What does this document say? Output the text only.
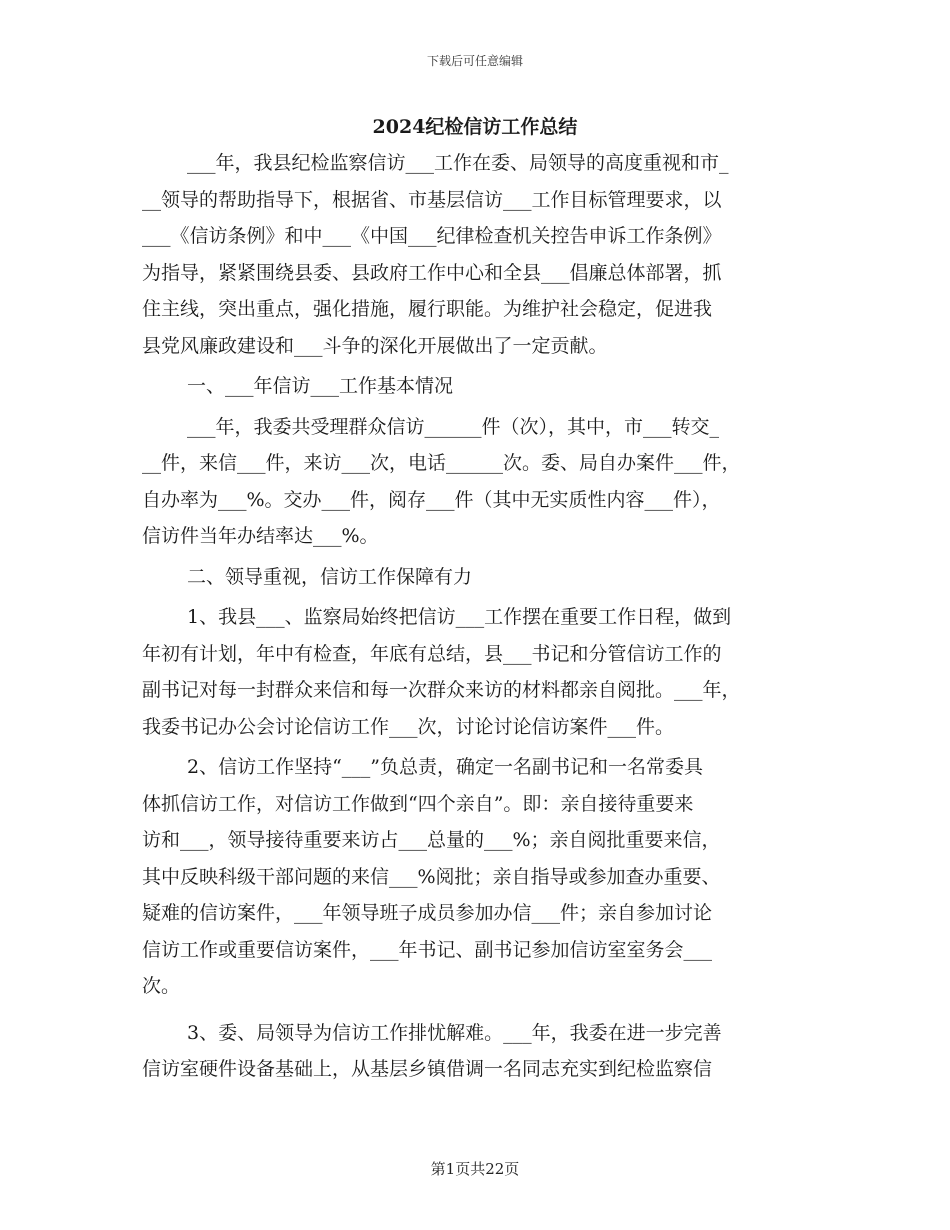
下载后可任意编辑
2024纪检信访工作总结
___年，我县纪检监察信访___工作在委、局领导的高度重视和市_
__领导的帮助指导下，根据省、市基层信访___工作目标管理要求，以
___《信访条例》和中___《中国___纪律检查机关控告申诉工作条例》
为指导，紧紧围绕县委、县政府工作中心和全县___倡廉总体部署，抓
住主线，突出重点，强化措施，履行职能。为维护社会稳定，促进我
县党风廉政建设和___斗争的深化开展做出了一定贡献。
一、___年信访___工作基本情况
___年，我委共受理群众信访______件（次），其中，市___转交_
__件，来信___件，来访___次，电话______次。委、局自办案件___件，
自办率为___%。交办___件，阅存___件（其中无实质性内容___件），
信访件当年办结率达___%。
二、领导重视，信访工作保障有力
1、我县___、监察局始终把信访___工作摆在重要工作日程，做到
年初有计划，年中有检查，年底有总结，县___书记和分管信访工作的
副书记对每一封群众来信和每一次群众来访的材料都亲自阅批。___年，
我委书记办公会讨论信访工作___次，讨论讨论信访案件___件。
2、信访工作坚持“___”负总责，确定一名副书记和一名常委具
体抓信访工作，对信访工作做到“四个亲自”。即：亲自接待重要来
访和___，领导接待重要来访占___总量的___%；亲自阅批重要来信，
其中反映科级干部问题的来信___%阅批；亲自指导或参加查办重要、
疑难的信访案件，___年领导班子成员参加办信___件；亲自参加讨论
信访工作或重要信访案件，___年书记、副书记参加信访室室务会___
次。
3、委、局领导为信访工作排忧解难。___年，我委在进一步完善
信访室硬件设备基础上，从基层乡镇借调一名同志充实到纪检监察信
第1页共22页
